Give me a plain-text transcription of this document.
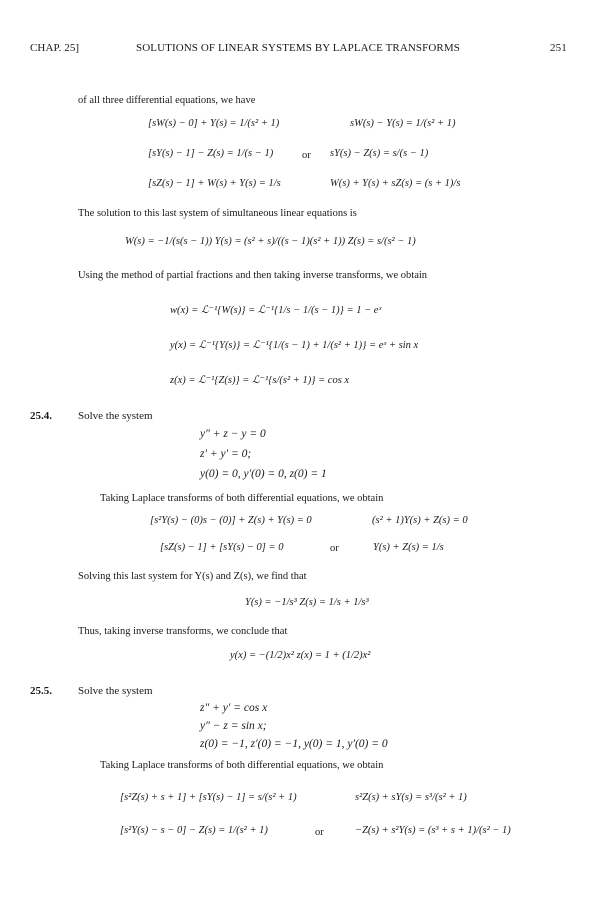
CHAP. 25]	SOLUTIONS OF LINEAR SYSTEMS BY LAPLACE TRANSFORMS	251
of all three differential equations, we have
[sW(s) − 0] + Y(s) = 1/(s² + 1)	sW(s) − Y(s) = 1/(s² + 1)
[sY(s) − 1] − Z(s) = 1/(s − 1)	or sY(s) − Z(s) = s/(s − 1)
[sZ(s) − 1] + W(s) + Y(s) = 1/s	W(s) + Y(s) + sZ(s) = (s + 1)/s
The solution to this last system of simultaneous linear equations is
W(s) = −1/(s(s − 1)) Y(s) = (s² + s)/((s − 1)(s² + 1)) Z(s) = s/(s² − 1)
Using the method of partial fractions and then taking inverse transforms, we obtain
w(x) = ℒ⁻¹{W(s)} = ℒ⁻¹{1/s − 1/(s − 1)} = 1 − eˣ
y(x) = ℒ⁻¹{Y(s)} = ℒ⁻¹{1/(s − 1) + 1/(s² + 1)} = eˣ + sin x
z(x) = ℒ⁻¹{Z(s)} = ℒ⁻¹{s/(s² + 1)} = cos x
25.4. Solve the system
y″ + z − y = 0
z′ + y′ = 0;
y(0) = 0, y′(0) = 0, z(0) = 1
Taking Laplace transforms of both differential equations, we obtain
[s²Y(s) − (0)s − (0)] + Z(s) + Y(s) = 0	(s² + 1)Y(s) + Z(s) = 0
[sZ(s) − 1] + [sY(s) − 0] = 0	or	Y(s) + Z(s) = 1/s
Solving this last system for Y(s) and Z(s), we find that
Y(s) = −1/s³ Z(s) = 1/s + 1/s³
Thus, taking inverse transforms, we conclude that
y(x) = −(1/2)x² z(x) = 1 + (1/2)x²
25.5. Solve the system
z″ + y′ = cos x
y″ − z = sin x;
z(0) = −1, z′(0) = −1, y(0) = 1, y′(0) = 0
Taking Laplace transforms of both differential equations, we obtain
[s²Z(s) + s + 1] + [sY(s) − 1] = s/(s² + 1)	s²Z(s) + sY(s) = s³/(s² + 1)
[s²Y(s) − s − 0] − Z(s) = 1/(s² + 1)	or	−Z(s) + s²Y(s) = (s³ + s + 1)/(s² − 1)
